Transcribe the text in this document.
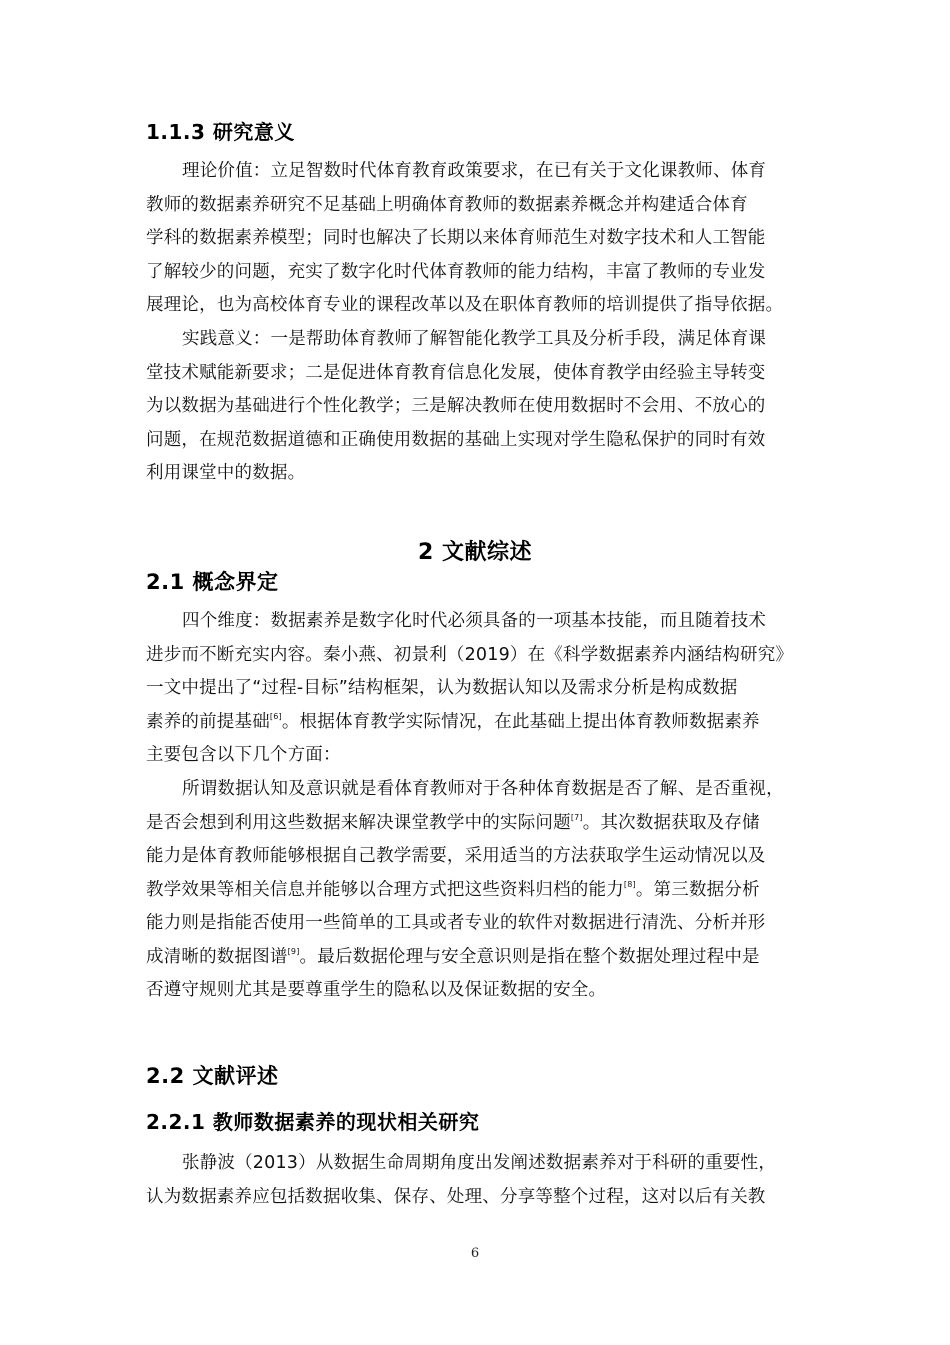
1.1.3 研究意义
理论价值：立足智数时代体育教育政策要求，在已有关于文化课教师、体育
教师的数据素养研究不足基础上明确体育教师的数据素养概念并构建适合体育
学科的数据素养模型；同时也解决了长期以来体育师范生对数字技术和人工智能
了解较少的问题，充实了数字化时代体育教师的能力结构，丰富了教师的专业发
展理论，也为高校体育专业的课程改革以及在职体育教师的培训提供了指导依据。
实践意义：一是帮助体育教师了解智能化教学工具及分析手段，满足体育课
堂技术赋能新要求；二是促进体育教育信息化发展，使体育教学由经验主导转变
为以数据为基础进行个性化教学；三是解决教师在使用数据时不会用、不放心的
问题，在规范数据道德和正确使用数据的基础上实现对学生隐私保护的同时有效
利用课堂中的数据。
2 文献综述
2.1 概念界定
四个维度：数据素养是数字化时代必须具备的一项基本技能，而且随着技术
进步而不断充实内容。秦小燕、初景利（2019）在《科学数据素养内涵结构研究》
一文中提出了“过程-目标”结构框架，认为数据认知以及需求分析是构成数据
素养的前提基础[6]。根据体育教学实际情况，在此基础上提出体育教师数据素养
主要包含以下几个方面：
所谓数据认知及意识就是看体育教师对于各种体育数据是否了解、是否重视，
是否会想到利用这些数据来解决课堂教学中的实际问题[7]。其次数据获取及存储
能力是体育教师能够根据自己教学需要，采用适当的方法获取学生运动情况以及
教学效果等相关信息并能够以合理方式把这些资料归档的能力[8]。第三数据分析
能力则是指能否使用一些简单的工具或者专业的软件对数据进行清洗、分析并形
成清晰的数据图谱[9]。最后数据伦理与安全意识则是指在整个数据处理过程中是
否遵守规则尤其是要尊重学生的隐私以及保证数据的安全。
2.2 文献评述
2.2.1 教师数据素养的现状相关研究
张静波（2013）从数据生命周期角度出发阐述数据素养对于科研的重要性，
认为数据素养应包括数据收集、保存、处理、分享等整个过程，这对以后有关教
6
